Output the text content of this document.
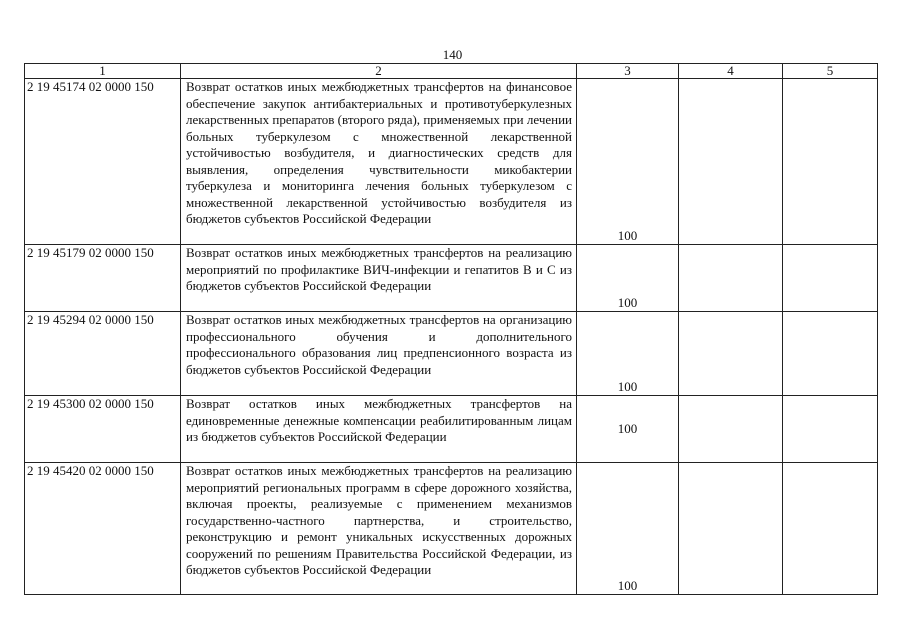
140
1	2	3	4	5
2 19 45174 02 0000 150	Возврат остатков иных межбюджетных трансфертов на финансовое обеспечение закупок антибактериальных и противотуберкулезных лекарственных препаратов (второго ряда), применяемых при лечении больных туберкулезом с множественной лекарственной устойчивостью возбудителя, и диагностических средств для выявления, определения чувствительности микобактерии туберкулеза и мониторинга лечения больных туберкулезом с множественной лекарственной устойчивостью возбудителя из бюджетов субъектов Российской Федерации	100		
2 19 45179 02 0000 150	Возврат остатков иных межбюджетных трансфертов на реализацию мероприятий по профилактике ВИЧ-инфекции и гепатитов В и С из бюджетов субъектов Российской Федерации	100		
2 19 45294 02 0000 150	Возврат остатков иных межбюджетных трансфертов на организацию профессионального обучения и дополнительного профессионального образования лиц предпенсионного возраста из бюджетов субъектов Российской Федерации	100		
2 19 45300 02 0000 150	Возврат остатков иных межбюджетных трансфертов на единовременные денежные компенсации реабилитированным лицам из бюджетов субъектов Российской Федерации	100		
2 19 45420 02 0000 150	Возврат остатков иных межбюджетных трансфертов на реализацию мероприятий региональных программ в сфере дорожного хозяйства, включая проекты, реализуемые с применением механизмов государственно-частного партнерства, и строительство, реконструкцию и ремонт уникальных искусственных дорожных сооружений по решениям Правительства Российской Федерации, из бюджетов субъектов Российской Федерации	100		
